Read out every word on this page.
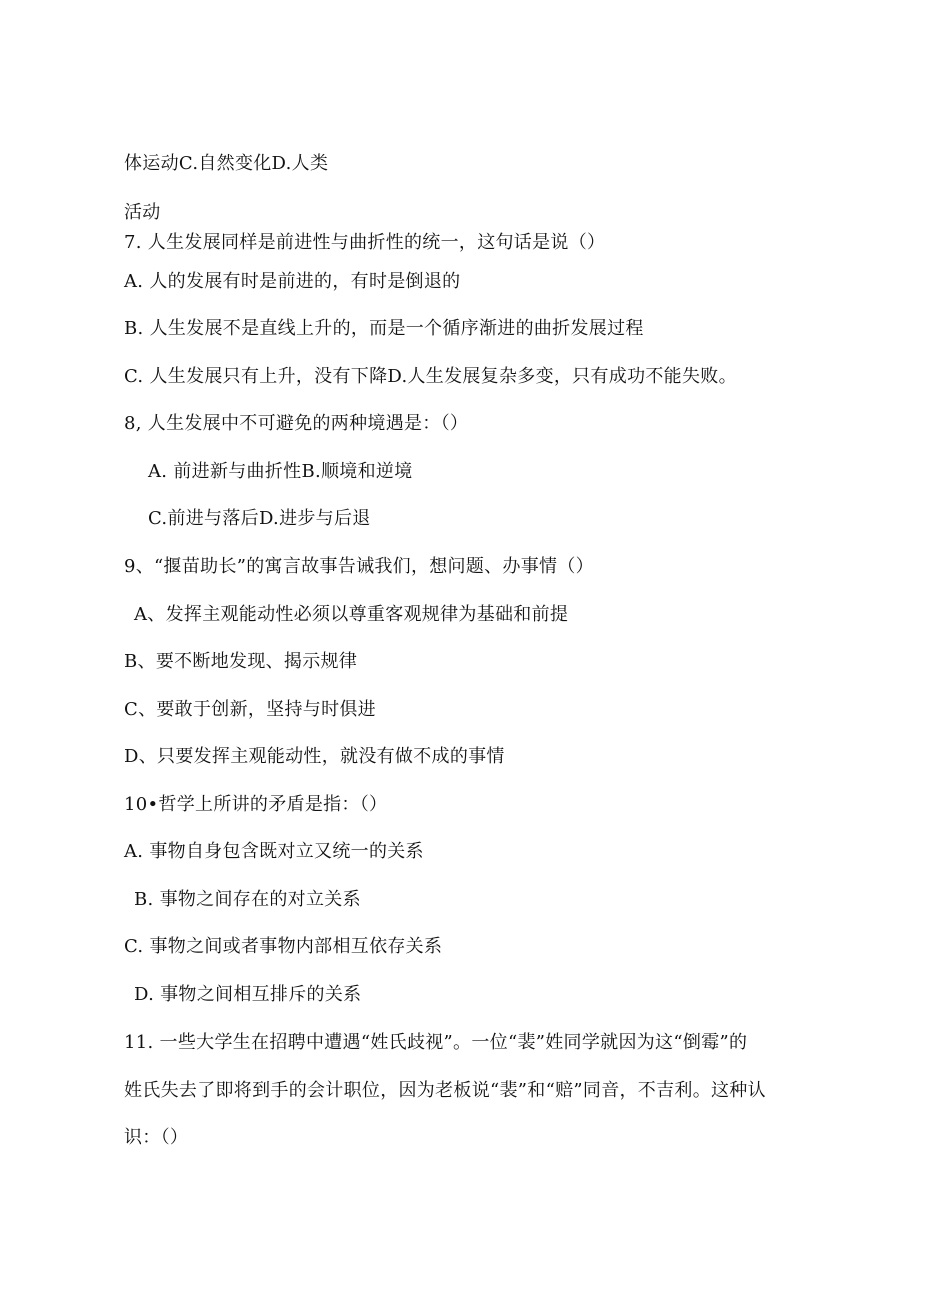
体运动C.自然变化D.人类
活动
7. 人生发展同样是前进性与曲折性的统一，这句话是说（）
A. 人的发展有时是前进的，有时是倒退的
B. 人生发展不是直线上升的，而是一个循序渐进的曲折发展过程
C. 人生发展只有上升，没有下降D.人生发展复杂多变，只有成功不能失败。
8, 人生发展中不可避免的两种境遇是：（）
A. 前进新与曲折性B.顺境和逆境
C.前进与落后D.进步与后退
9、“揠苗助长”的寓言故事告诫我们，想问题、办事情（）
A、发挥主观能动性必须以尊重客观规律为基础和前提
B、要不断地发现、揭示规律
C、要敢于创新，坚持与时俱进
D、只要发挥主观能动性，就没有做不成的事情
10•哲学上所讲的矛盾是指：（）
A. 事物自身包含既对立又统一的关系
B. 事物之间存在的对立关系
C. 事物之间或者事物内部相互依存关系
D. 事物之间相互排斥的关系
11. 一些大学生在招聘中遭遇“姓氏歧视”。一位“裴”姓同学就因为这“倒霉”的
姓氏失去了即将到手的会计职位，因为老板说“裴”和“赔”同音，不吉利。这种认
识：（）
